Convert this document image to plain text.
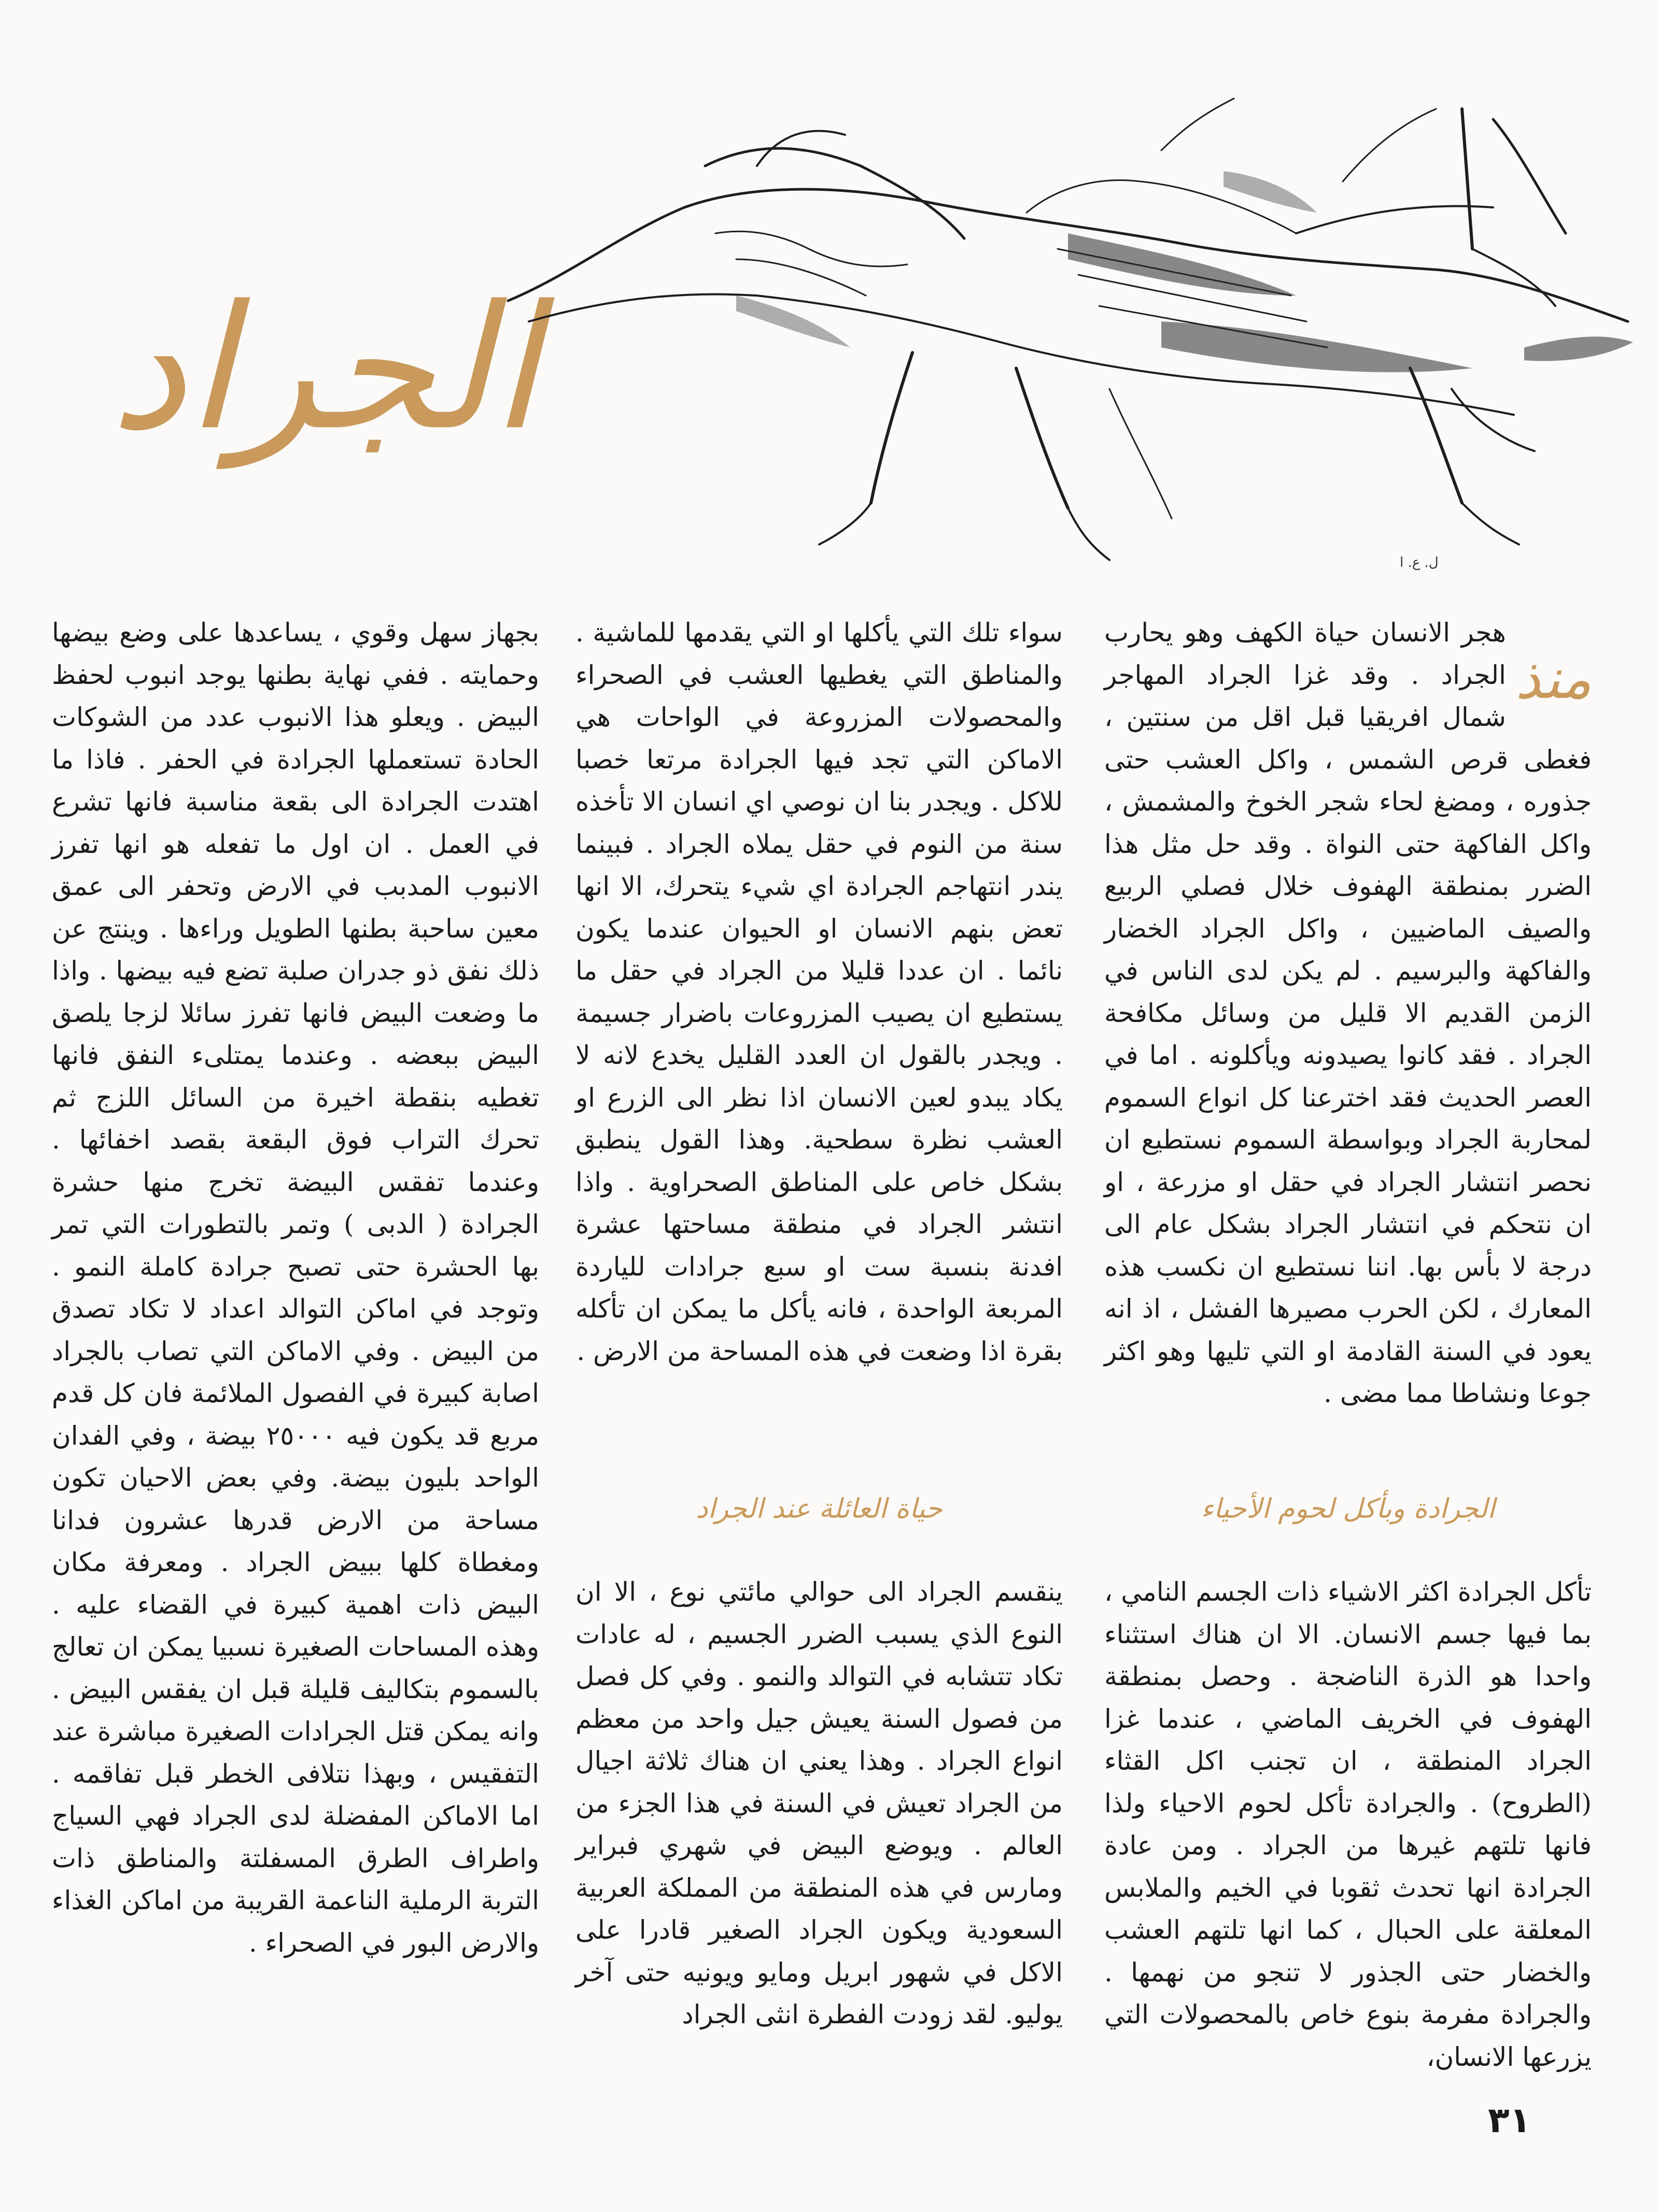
الجراد
ل. ع. ا
منذ

هجر الانسان حياة الكهف وهو يحارب الجراد . وقد غزا الجراد المهاجر شمال افريقيا قبل اقل من سنتين ، فغطى قرص الشمس ، واكل العشب حتى جذوره ، ومضغ لحاء شجر الخوخ والمشمش ، واكل الفاكهة حتى النواة . وقد حل مثل هذا الضرر بمنطقة الهفوف خلال فصلي الربيع والصيف الماضيين ، واكل الجراد الخضار والفاكهة والبرسيم . لم يكن لدى الناس في الزمن القديم الا قليل من وسائل مكافحة الجراد . فقد كانوا يصيدونه ويأكلونه . اما في العصر الحديث فقد اخترعنا كل انواع السموم لمحاربة الجراد وبواسطة السموم نستطيع ان نحصر انتشار الجراد في حقل او مزرعة ، او ان نتحكم في انتشار الجراد بشكل عام الى درجة لا بأس بها. اننا نستطيع ان نكسب هذه المعارك ، لكن الحرب مصيرها الفشل ، اذ انه يعود في السنة القادمة او التي تليها وهو اكثر جوعا ونشاطا مما مضى .

سواء تلك التي يأكلها او التي يقدمها للماشية . والمناطق التي يغطيها العشب في الصحراء والمحصولات المزروعة في الواحات هي الاماكن التي تجد فيها الجرادة مرتعا خصبا للاكل . ويجدر بنا ان نوصي اي انسان الا تأخذه سنة من النوم في حقل يملاه الجراد . فبينما يندر انتهاجم الجرادة اي شيء يتحرك، الا انها تعض بنهم الانسان او الحيوان عندما يكون نائما . ان عددا قليلا من الجراد في حقل ما يستطيع ان يصيب المزروعات باضرار جسيمة . ويجدر بالقول ان العدد القليل يخدع لانه لا يكاد يبدو لعين الانسان اذا نظر الى الزرع او العشب نظرة سطحية. وهذا القول ينطبق بشكل خاص على المناطق الصحراوية . واذا انتشر الجراد في منطقة مساحتها عشرة افدنة بنسبة ست او سبع جرادات للياردة المربعة الواحدة ، فانه يأكل ما يمكن ان تأكله بقرة اذا وضعت في هذه المساحة من الارض .

بجهاز سهل وقوي ، يساعدها على وضع بيضها وحمايته . ففي نهاية بطنها يوجد انبوب لحفظ البيض . ويعلو هذا الانبوب عدد من الشوكات الحادة تستعملها الجرادة في الحفر . فاذا ما اهتدت الجرادة الى بقعة مناسبة فانها تشرع في العمل . ان اول ما تفعله هو انها تفرز الانبوب المدبب في الارض وتحفر الى عمق معين ساحبة بطنها الطويل وراءها . وينتج عن ذلك نفق ذو جدران صلبة تضع فيه بيضها . واذا ما وضعت البيض فانها تفرز سائلا لزجا يلصق البيض ببعضه . وعندما يمتلىء النفق فانها تغطيه بنقطة اخيرة من السائل اللزج ثم تحرك التراب فوق البقعة بقصد اخفائها . وعندما تفقس البيضة تخرج منها حشرة الجرادة ( الدبى ) وتمر بالتطورات التي تمر بها الحشرة حتى تصبح جرادة كاملة النمو . وتوجد في اماكن التوالد اعداد لا تكاد تصدق من البيض . وفي الاماكن التي تصاب بالجراد اصابة كبيرة في الفصول الملائمة فان كل قدم مربع قد يكون فيه ٢٥٠٠٠ بيضة ، وفي الفدان الواحد بليون بيضة. وفي بعض الاحيان تكون مساحة من الارض قدرها عشرون فدانا ومغطاة كلها ببيض الجراد . ومعرفة مكان البيض ذات اهمية كبيرة في القضاء عليه . وهذه المساحات الصغيرة نسبيا يمكن ان تعالج بالسموم بتكاليف قليلة قبل ان يفقس البيض . وانه يمكن قتل الجرادات الصغيرة مباشرة عند التفقيس ، وبهذا نتلافى الخطر قبل تفاقمه . اما الاماكن المفضلة لدى الجراد فهي السياج واطراف الطرق المسفلتة والمناطق ذات التربة الرملية الناعمة القريبة من اماكن الغذاء والارض البور في الصحراء .

الجرادة وبأكل لحوم الأحياء
حياة العائلة عند الجراد

تأكل الجرادة اكثر الاشياء ذات الجسم النامي ، بما فيها جسم الانسان. الا ان هناك استثناء واحدا هو الذرة الناضجة . وحصل بمنطقة الهفوف في الخريف الماضي ، عندما غزا الجراد المنطقة ، ان تجنب اكل القثاء (الطروح) . والجرادة تأكل لحوم الاحياء ولذا فانها تلتهم غيرها من الجراد . ومن عادة الجرادة انها تحدث ثقوبا في الخيم والملابس المعلقة على الحبال ، كما انها تلتهم العشب والخضار حتى الجذور لا تنجو من نهمها . والجرادة مفرمة بنوع خاص بالمحصولات التي يزرعها الانسان،

ينقسم الجراد الى حوالي مائتي نوع ، الا ان النوع الذي يسبب الضرر الجسيم ، له عادات تكاد تتشابه في التوالد والنمو . وفي كل فصل من فصول السنة يعيش جيل واحد من معظم انواع الجراد . وهذا يعني ان هناك ثلاثة اجيال من الجراد تعيش في السنة في هذا الجزء من العالم . ويوضع البيض في شهري فبراير ومارس في هذه المنطقة من المملكة العربية السعودية ويكون الجراد الصغير قادرا على الاكل في شهور ابريل ومايو ويونيه حتى آخر يوليو. لقد زودت الفطرة انثى الجراد

٣١
